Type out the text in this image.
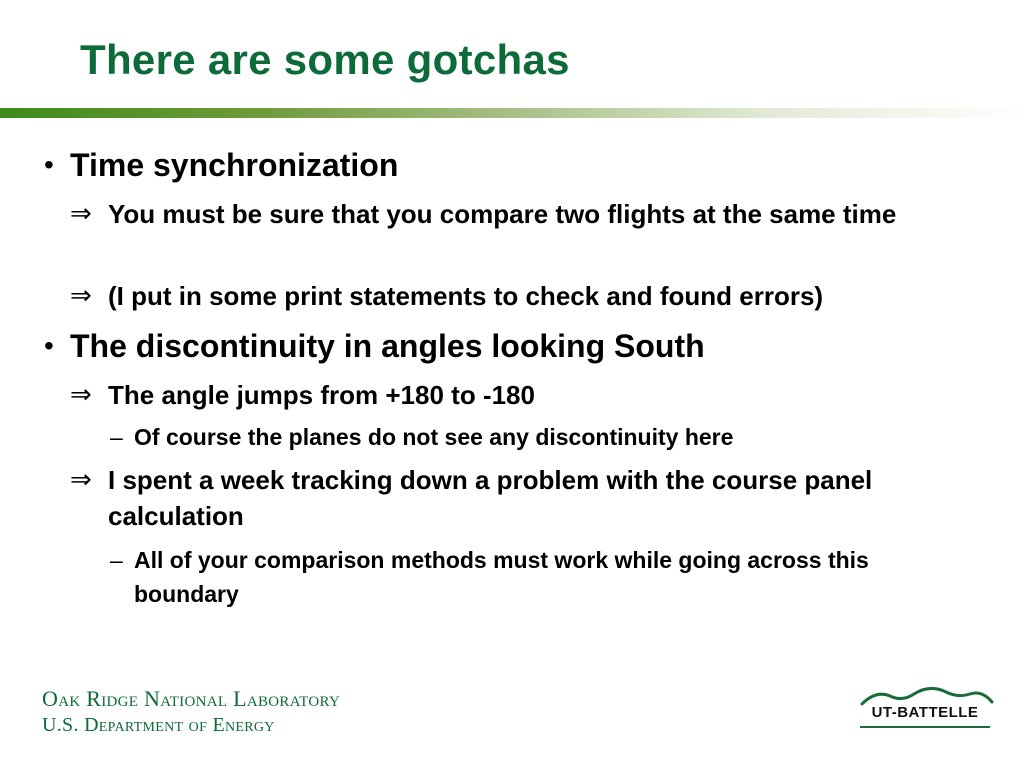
There are some gotchas
• Time synchronization
⇒ You must be sure that you compare two flights at the same time
⇒ (I put in some print statements to check and found errors)
• The discontinuity in angles looking South
⇒ The angle jumps from +180 to -180
– Of course the planes do not see any discontinuity here
⇒ I spent a week tracking down a problem with the course panel calculation
– All of your comparison methods must work while going across this boundary
Oak Ridge National Laboratory
U.S. Department of Energy
UT-BATTELLE
